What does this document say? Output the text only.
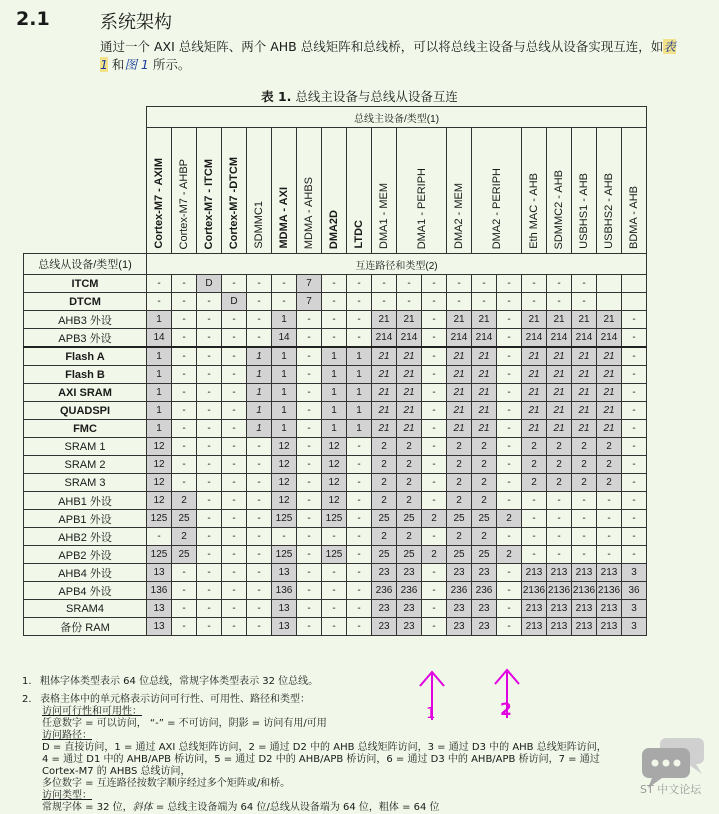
2.1	系统架构
通过一个 AXI 总线矩阵、两个 AHB 总线矩阵和总线桥，可以将总线主设备与总线从设备实现互连，如表 1 和图 1 所示。
表 1. 总线主设备与总线从设备互连
	总线主设备/类型(1)																			

	Cortex-M7 - AXIM	Cortex-M7 - AHBP	Cortex-M7 - ITCM	Cortex-M7 -DTCM	SDMMC1	MDMA - AXI	MDMA - AHBS	DMA2D	LTDC	DMA1 - MEM	DMA1 - PERIPH		DMA2 - MEM	DMA2 - PERIPH		Eth MAC - AHB	SDMMC2 - AHB	USBHS1 - AHB	USBHS2 - AHB	BDMA - AHB

总线从设备/类型(1)	互连路径和类型(2)																			
ITCM	-	-	D	-	-	-	7	-	-	-	-	-	-	-	-	-	-	-		
DTCM	-	-	-	D	-	-	7	-	-	-	-	-	-	-	-	-	-	-		
AHB3 外设	1	-	-	-	-	1	-	-	-	21	21	-	21	21	-	21	21	21	21	-
APB3 外设	14	-	-	-	-	14	-	-	-	214	214	-	214	214	-	214	214	214	214	-
Flash A	1	-	-	-	1	1	-	1	1	21	21	-	21	21	-	21	21	21	21	-
Flash B	1	-	-	-	1	1	-	1	1	21	21	-	21	21	-	21	21	21	21	-
AXI SRAM	1	-	-	-	1	1	-	1	1	21	21	-	21	21	-	21	21	21	21	-
QUADSPI	1	-	-	-	1	1	-	1	1	21	21	-	21	21	-	21	21	21	21	-
FMC	1	-	-	-	1	1	-	1	1	21	21	-	21	21	-	21	21	21	21	-
SRAM 1	12	-	-	-	-	12	-	12	-	2	2	-	2	2	-	2	2	2	2	-
SRAM 2	12	-	-	-	-	12	-	12	-	2	2	-	2	2	-	2	2	2	2	-
SRAM 3	12	-	-	-	-	12	-	12	-	2	2	-	2	2	-	2	2	2	2	-
AHB1 外设	12	2	-	-	-	12	-	12	-	2	2	-	2	2	-	-	-	-	-	-
APB1 外设	125	25	-	-	-	125	-	125	-	25	25	2	25	25	2	-	-	-	-	-
AHB2 外设	-	2	-	-	-	-	-	-	-	2	2	-	2	2	-	-	-	-	-	-
APB2 外设	125	25	-	-	-	125	-	125	-	25	25	2	25	25	2	-	-	-	-	-
AHB4 外设	13	-	-	-	-	13	-	-	-	23	23	-	23	23	-	213	213	213	213	3
APB4 外设	136	-	-	-	-	136	-	-	-	236	236	-	236	236	-	2136	2136	2136	2136	36
SRAM4	13	-	-	-	-	13	-	-	-	23	23	-	23	23	-	213	213	213	213	3
备份 RAM	13	-	-	-	-	13	-	-	-	23	23	-	23	23	-	213	213	213	213	3
1	2
1. 粗体字体类型表示 64 位总线，常规字体类型表示 32 位总线。
2. 表格主体中的单元格表示访问可行性、可用性、路径和类型：
访问可行性和可用性：
任意数字 = 可以访问， “-” = 不可访问，阴影 = 访问有用/可用
访问路径：
D = 直接访问，1 = 通过 AXI 总线矩阵访问，2 = 通过 D2 中的 AHB 总线矩阵访问，3 = 通过 D3 中的 AHB 总线矩阵访问，
4 = 通过 D1 中的 AHB/APB 桥访问，5 = 通过 D2 中的 AHB/APB 桥访问，6 = 通过 D3 中的 AHB/APB 桥访问，7 = 通过 Cortex-M7 的 AHBS 总线访问，
多位数字 = 互连路径按数字顺序经过多个矩阵或/和桥。
访问类型：
常规字体 = 32 位，斜体 = 总线主设备端为 64 位/总线从设备端为 64 位，粗体 = 64 位
ST 中文论坛
